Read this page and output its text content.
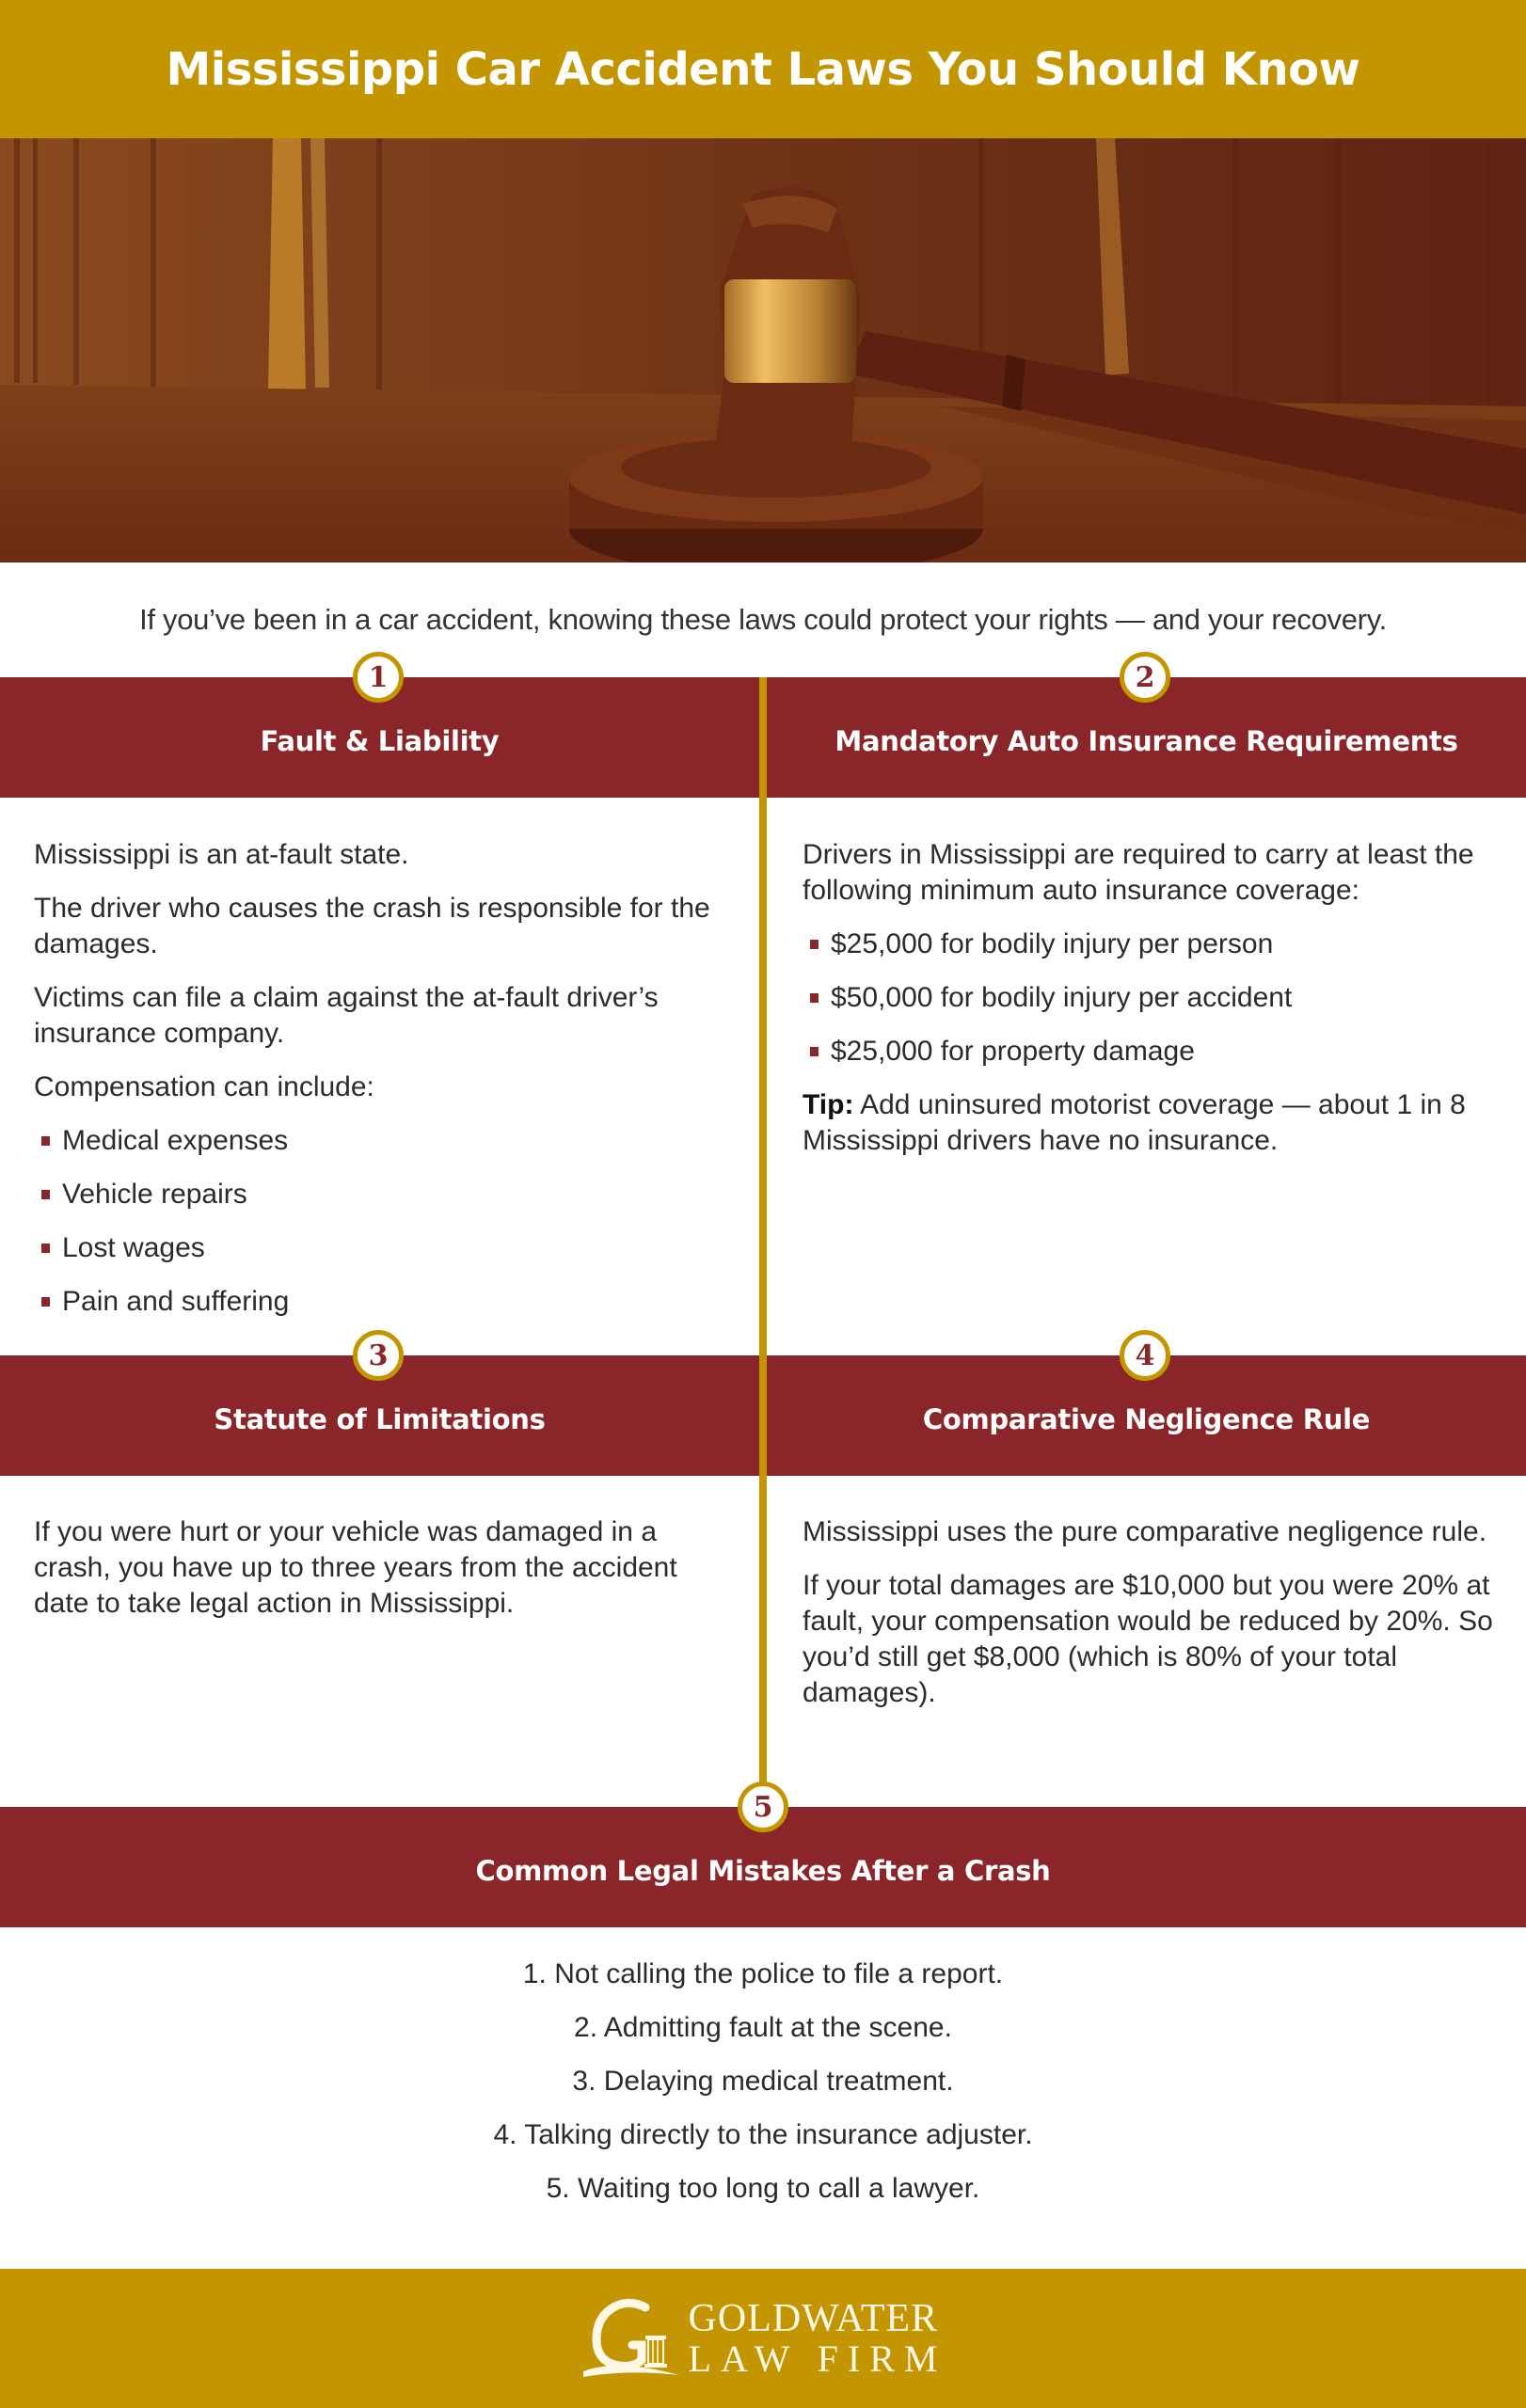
Mississippi Car Accident Laws You Should Know

If you’ve been in a car accident, knowing these laws could protect your rights — and your recovery.

Fault & Liability
1
Mandatory Auto Insurance Requirements
2

Mississippi is an at-fault state.

The driver who causes the crash is responsible for the damages.

Victims can file a claim against the at-fault driver’s insurance company.

Compensation can include:

Medical expenses
Vehicle repairs
Lost wages
Pain and suffering

Drivers in Mississippi are required to carry at least the following minimum auto insurance coverage:

$25,000 for bodily injury per person
$50,000 for bodily injury per accident
$25,000 for property damage

Tip: Add uninsured motorist coverage — about 1 in 8 Mississippi drivers have no insurance.

Statute of Limitations
3
Comparative Negligence Rule
4

If you were hurt or your vehicle was damaged in a crash, you have up to three years from the accident date to take legal action in Mississippi.

Mississippi uses the pure comparative negligence rule.

If your total damages are $10,000 but you were 20% at fault, your compensation would be reduced by 20%. So you’d still get $8,000 (which is 80% of your total damages).

Common Legal Mistakes After a Crash
5
1. Not calling the police to file a report.
2. Admitting fault at the scene.
3. Delaying medical treatment.
4. Talking directly to the insurance adjuster.
5. Waiting too long to call a lawyer.
GOLDWATER
LAW FIRM
